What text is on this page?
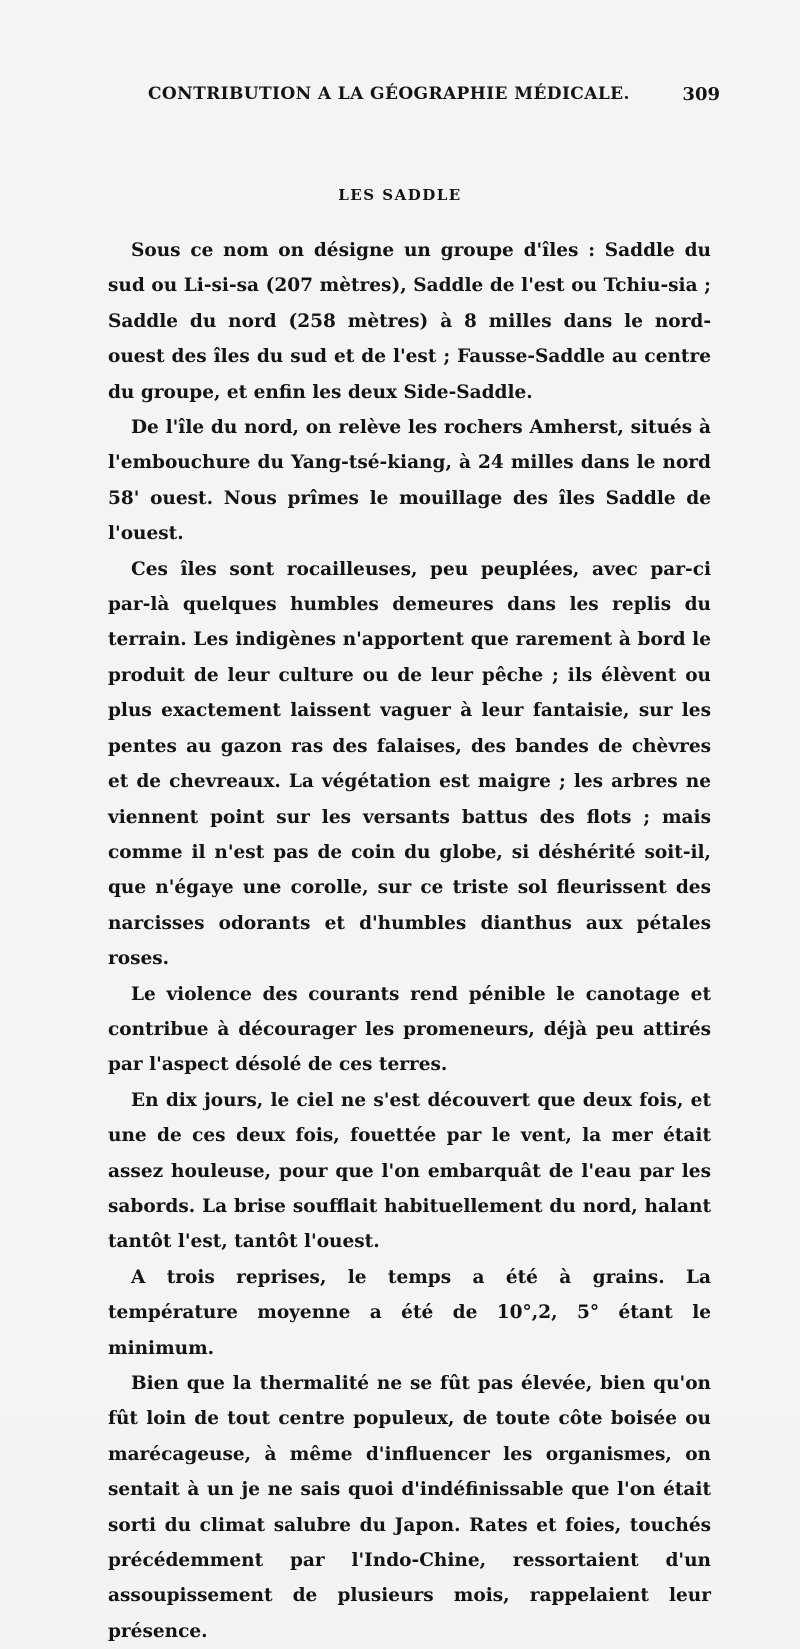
CONTRIBUTION A LA GÉOGRAPHIE MÉDICALE.	309
LES SADDLE

Sous ce nom on désigne un groupe d'îles : Saddle du sud ou Li-si-sa (207 mètres), Saddle de l'est ou Tchiu-sia ; Saddle du nord (258 mètres) à 8 milles dans le nord-ouest des îles du sud et de l'est ; Fausse-Saddle au centre du groupe, et enfin les deux Side-Saddle.

De l'île du nord, on relève les rochers Amherst, situés à l'embouchure du Yang-tsé-kiang, à 24 milles dans le nord 58' ouest. Nous prîmes le mouillage des îles Saddle de l'ouest.

Ces îles sont rocailleuses, peu peuplées, avec par-ci par-là quelques humbles demeures dans les replis du terrain. Les indigènes n'apportent que rarement à bord le produit de leur culture ou de leur pêche ; ils élèvent ou plus exactement laissent vaguer à leur fantaisie, sur les pentes au gazon ras des falaises, des bandes de chèvres et de chevreaux. La végétation est maigre ; les arbres ne viennent point sur les versants battus des flots ; mais comme il n'est pas de coin du globe, si déshérité soit-il, que n'égaye une corolle, sur ce triste sol fleurissent des narcisses odorants et d'humbles dianthus aux pétales roses.

Le violence des courants rend pénible le canotage et contribue à décourager les promeneurs, déjà peu attirés par l'aspect désolé de ces terres.

En dix jours, le ciel ne s'est découvert que deux fois, et une de ces deux fois, fouettée par le vent, la mer était assez houleuse, pour que l'on embarquât de l'eau par les sabords. La brise soufflait habituellement du nord, halant tantôt l'est, tantôt l'ouest.

A trois reprises, le temps a été à grains. La température moyenne a été de 10°,2, 5° étant le minimum.

Bien que la thermalité ne se fût pas élevée, bien qu'on fût loin de tout centre populeux, de toute côte boisée ou marécageuse, à même d'influencer les organismes, on sentait à un je ne sais quoi d'indéfinissable que l'on était sorti du climat salubre du Japon. Rates et foies, touchés précédemment par l'Indo-Chine, ressortaient d'un assoupissement de plusieurs mois, rappelaient leur présence.
